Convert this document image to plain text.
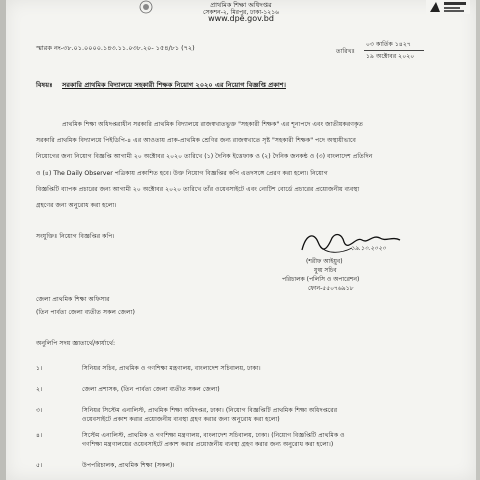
প্রাথমিক শিক্ষা অধিদপ্তর
সেকশন-২, মিরপুর, ঢাকা-১২১৬
www.dpe.gov.bd
স্মারক নং-৩৮.০১.০০০০.১৪৩.১১.০৩৮.২০- ১৫৪/৮১ (৭২)	তারিখঃ
০৩ কার্তিক ১৪২৭
১৯ অক্টোবর ২০২০
বিষয়ঃ সরকারি প্রাথমিক বিদ্যালয়ে সহকারী শিক্ষক নিয়োগ ২০২০ এর নিয়োগ বিজ্ঞপ্তি প্রকাশ।
প্রাথমিক শিক্ষা অধিদপ্তরাধীন সরকারি প্রাথমিক বিদ্যালয়ে রাজস্বখাতভুক্ত "সহকারী শিক্ষক" এর শূন্যপদে এবং জাতীয়করণকৃত
সরকারি প্রাথমিক বিদ্যালয়ে পিইডিপি-৪ এর আওতায় প্রাক-প্রাথমিক শ্রেণির জন্য রাজস্বখাতে সৃষ্ট "সহকারী শিক্ষক" পদে অস্থায়ীভাবে
নিয়োগের জন্য নিয়োগ বিজ্ঞপ্তি আগামী ২০ অক্টোবর ২০২০ তারিখে (১) দৈনিক ইত্তেফাক ও (২) দৈনিক জনকন্ঠ ও (৩) বাংলাদেশ প্রতিদিন
ও (৪) The Daily Observer পত্রিকায় প্রকাশিত হবে। উক্ত নিয়োগ বিজ্ঞপ্তির কপি এতদসঙ্গে প্রেরণ করা হলো। নিয়োগ
বিজ্ঞপ্তিটি ব্যাপক প্রচারের জন্য আগামী ২০ অক্টোবর ২০২০ তারিখে তাঁর ওয়েবসাইটে এবং নোটিশ বোর্ডে প্রচারের প্রয়োজনীয় ব্যবস্থা
গ্রহণের জন্য অনুরোধ করা হলো।
সংযুক্তিঃ নিয়োগ বিজ্ঞপ্তির কপি।
১৯.১০.২০২০
(শরীফ আইয়ুব)
যুগ্ম সচিব
পরিচালক (পলিসি ও অপারেশন)
ফোন-৫৫০৭৬৯১৮
জেলা প্রাথমিক শিক্ষা অফিসার
(তিন পার্বত্য জেলা ব্যতীত সকল জেলা)
অনুলিপি সদয় জ্ঞাতার্থে/কার্যার্থে:
১।	সিনিয়র সচিব, প্রাথমিক ও গণশিক্ষা মন্ত্রণালয়, বাংলাদেশ সচিবালয়, ঢাকা।
২।	জেলা প্রশাসক, (তিন পার্বত্য জেলা ব্যতীত সকল জেলা)
৩।	সিনিয়র সিস্টেম এনালিস্ট, প্রাথমিক শিক্ষা অধিদপ্তর, ঢাকা। (নিয়োগ বিজ্ঞপ্তিটি প্রাথমিক শিক্ষা অধিদপ্তরের
ওয়েবসাইটে প্রকাশ করার প্রয়োজনীয় ব্যবস্থা গ্রহণ করার জন্য অনুরোধ করা হলো)
৪।	সিস্টেম এনালিস্ট, প্রাথমিক ও গণশিক্ষা মন্ত্রণালয়, বাংলাদেশ সচিবালয়, ঢাকা। (নিয়োগ বিজ্ঞপ্তিটি প্রাথমিক ও
গণশিক্ষা মন্ত্রণালয়ের ওয়েবসাইটে প্রকাশ করার প্রয়োজনীয় ব্যবস্থা গ্রহণ করার জন্য অনুরোধ করা হলো।)
৫।	উপপরিচালক, প্রাথমিক শিক্ষা (সকল)।
